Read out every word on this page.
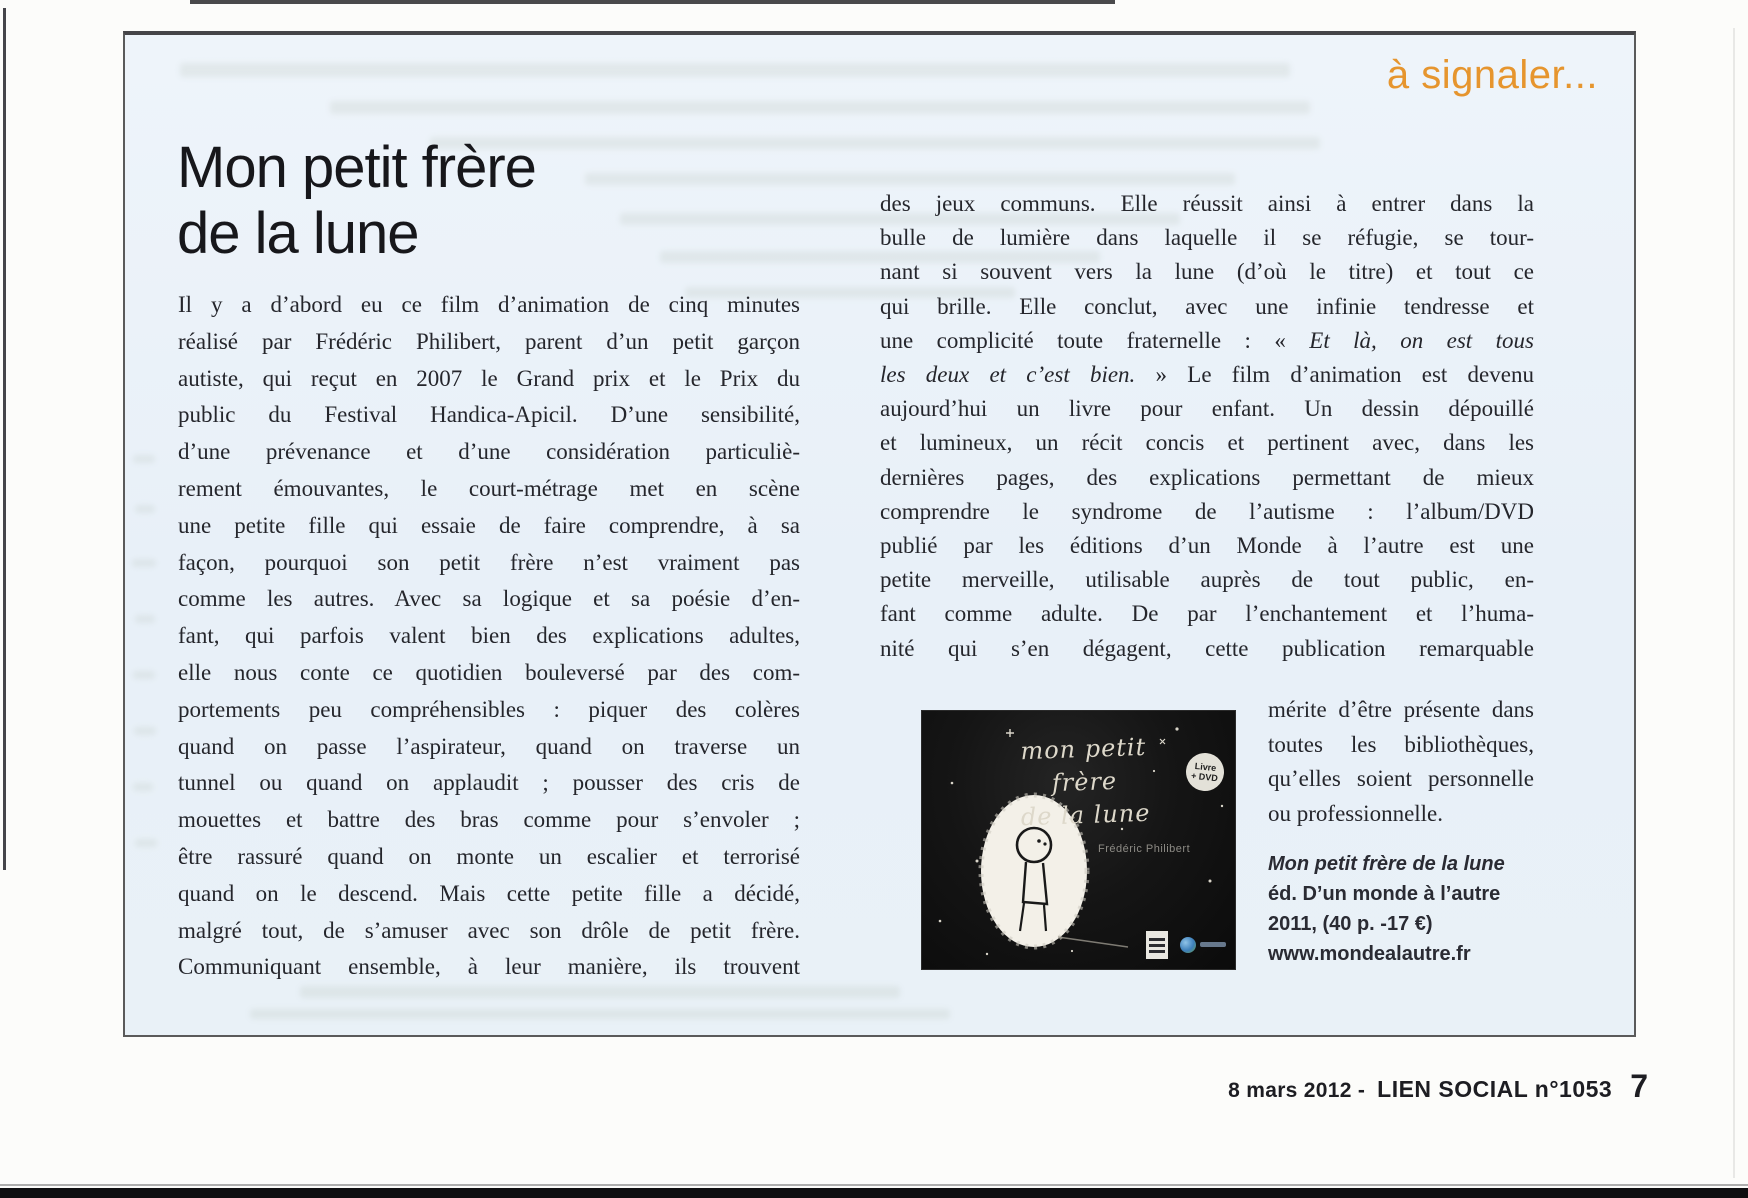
à signaler...
Mon petit frère
de la lune
Il y a d’abord eu ce film d’animation de cinq minutes
réalisé par Frédéric Philibert, parent d’un petit garçon
autiste, qui reçut en 2007 le Grand prix et le Prix du
public du Festival Handica-Apicil. D’une sensibilité,
d’une prévenance et d’une considération particuliè-
rement émouvantes, le court-métrage met en scène
une petite fille qui essaie de faire comprendre, à sa
façon, pourquoi son petit frère n’est vraiment pas
comme les autres. Avec sa logique et sa poésie d’en-
fant, qui parfois valent bien des explications adultes,
elle nous conte ce quotidien bouleversé par des com-
portements peu compréhensibles : piquer des colères
quand on passe l’aspirateur, quand on traverse un
tunnel ou quand on applaudit ; pousser des cris de
mouettes et battre des bras comme pour s’envoler ;
être rassuré quand on monte un escalier et terrorisé
quand on le descend. Mais cette petite fille a décidé,
malgré tout, de s’amuser avec son drôle de petit frère.
Communiquant ensemble, à leur manière, ils trouvent
des jeux communs. Elle réussit ainsi à entrer dans la
bulle de lumière dans laquelle il se réfugie, se tour-
nant si souvent vers la lune (d’où le titre) et tout ce
qui brille. Elle conclut, avec une infinie tendresse et
une complicité toute fraternelle : « Et là, on est tous
les deux et c’est bien. » Le film d’animation est devenu
aujourd’hui un livre pour enfant. Un dessin dépouillé
et lumineux, un récit concis et pertinent avec, dans les
dernières pages, des explications permettant de mieux
comprendre le syndrome de l’autisme : l’album/DVD
publié par les éditions d’un Monde à l’autre est une
petite merveille, utilisable auprès de tout public, en-
fant comme adulte. De par l’enchantement et l’huma-
nité qui s’en dégagent, cette publication remarquable
mérite d’être présente dans
toutes les bibliothèques,
qu’elles soient personnelle
ou professionnelle.
mon petit frère
de la lune
Livre
+ DVD
Frédéric Philibert
Mon petit frère de la lune
éd. D’un monde à l’autre
2011, (40 p. -17 €)
www.mondealautre.fr
8 mars 2012 - LIEN SOCIAL n°1053 7
